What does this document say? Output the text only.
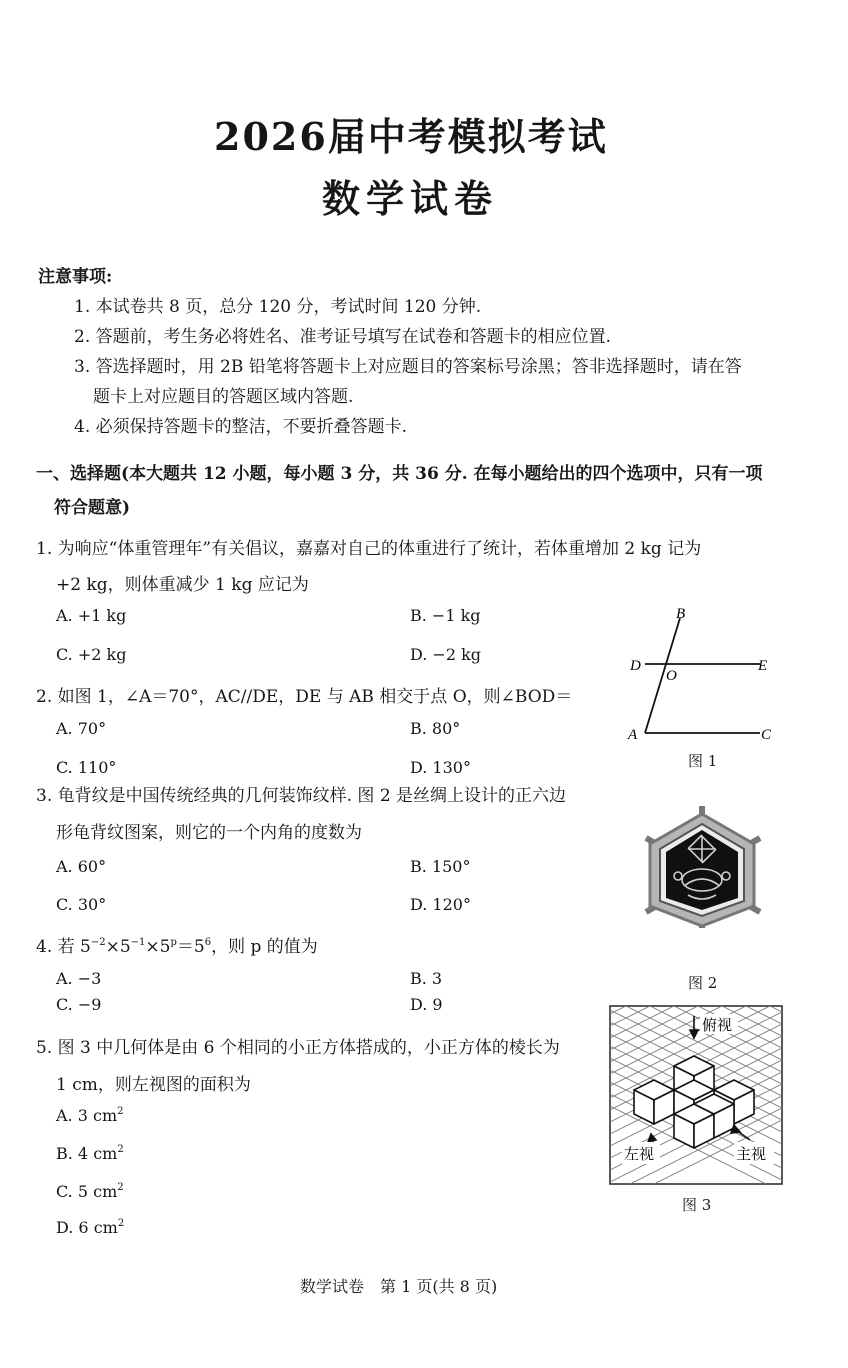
2026届中考模拟考试
数学试卷
注意事项:
1. 本试卷共 8 页，总分 120 分，考试时间 120 分钟.
2. 答题前，考生务必将姓名、准考证号填写在试卷和答题卡的相应位置.
3. 答选择题时，用 2B 铅笔将答题卡上对应题目的答案标号涂黑；答非选择题时，请在答
题卡上对应题目的答题区域内答题.
4. 必须保持答题卡的整洁，不要折叠答题卡.
一、选择题(本大题共 12 小题，每小题 3 分，共 36 分. 在每小题给出的四个选项中，只有一项
符合题意)
1. 为响应“体重管理年”有关倡议，嘉嘉对自己的体重进行了统计，若体重增加 2 kg 记为
+2 kg，则体重减少 1 kg 应记为
A. +1 kg	B. −1 kg
C. +2 kg	D. −2 kg
2. 如图 1，∠A＝70°，AC//DE，DE 与 AB 相交于点 O，则∠BOD＝
A. 70°	B. 80°
C. 110°	D. 130°
3. 龟背纹是中国传统经典的几何装饰纹样. 图 2 是丝绸上设计的正六边
形龟背纹图案，则它的一个内角的度数为
A. 60°	B. 150°
C. 30°	D. 120°
4. 若 $5^{-2}\times 5^{-1}\times 5^p=5^6$，则 p 的值为
A. −3	B. 3
C. −9	D. 9
5. 图 3 中几何体是由 6 个相同的小正方体搭成的，小正方体的棱长为
1 cm，则左视图的面积为
A. 3 $cm^2$
B. 4 $cm^2$
C. 5 $cm^2$
D. 6 $cm^2$
B
D
O
E
A	C
图 1
图 2
俯视
左视	主视
图 3
数学试卷　第 1 页(共 8 页)
